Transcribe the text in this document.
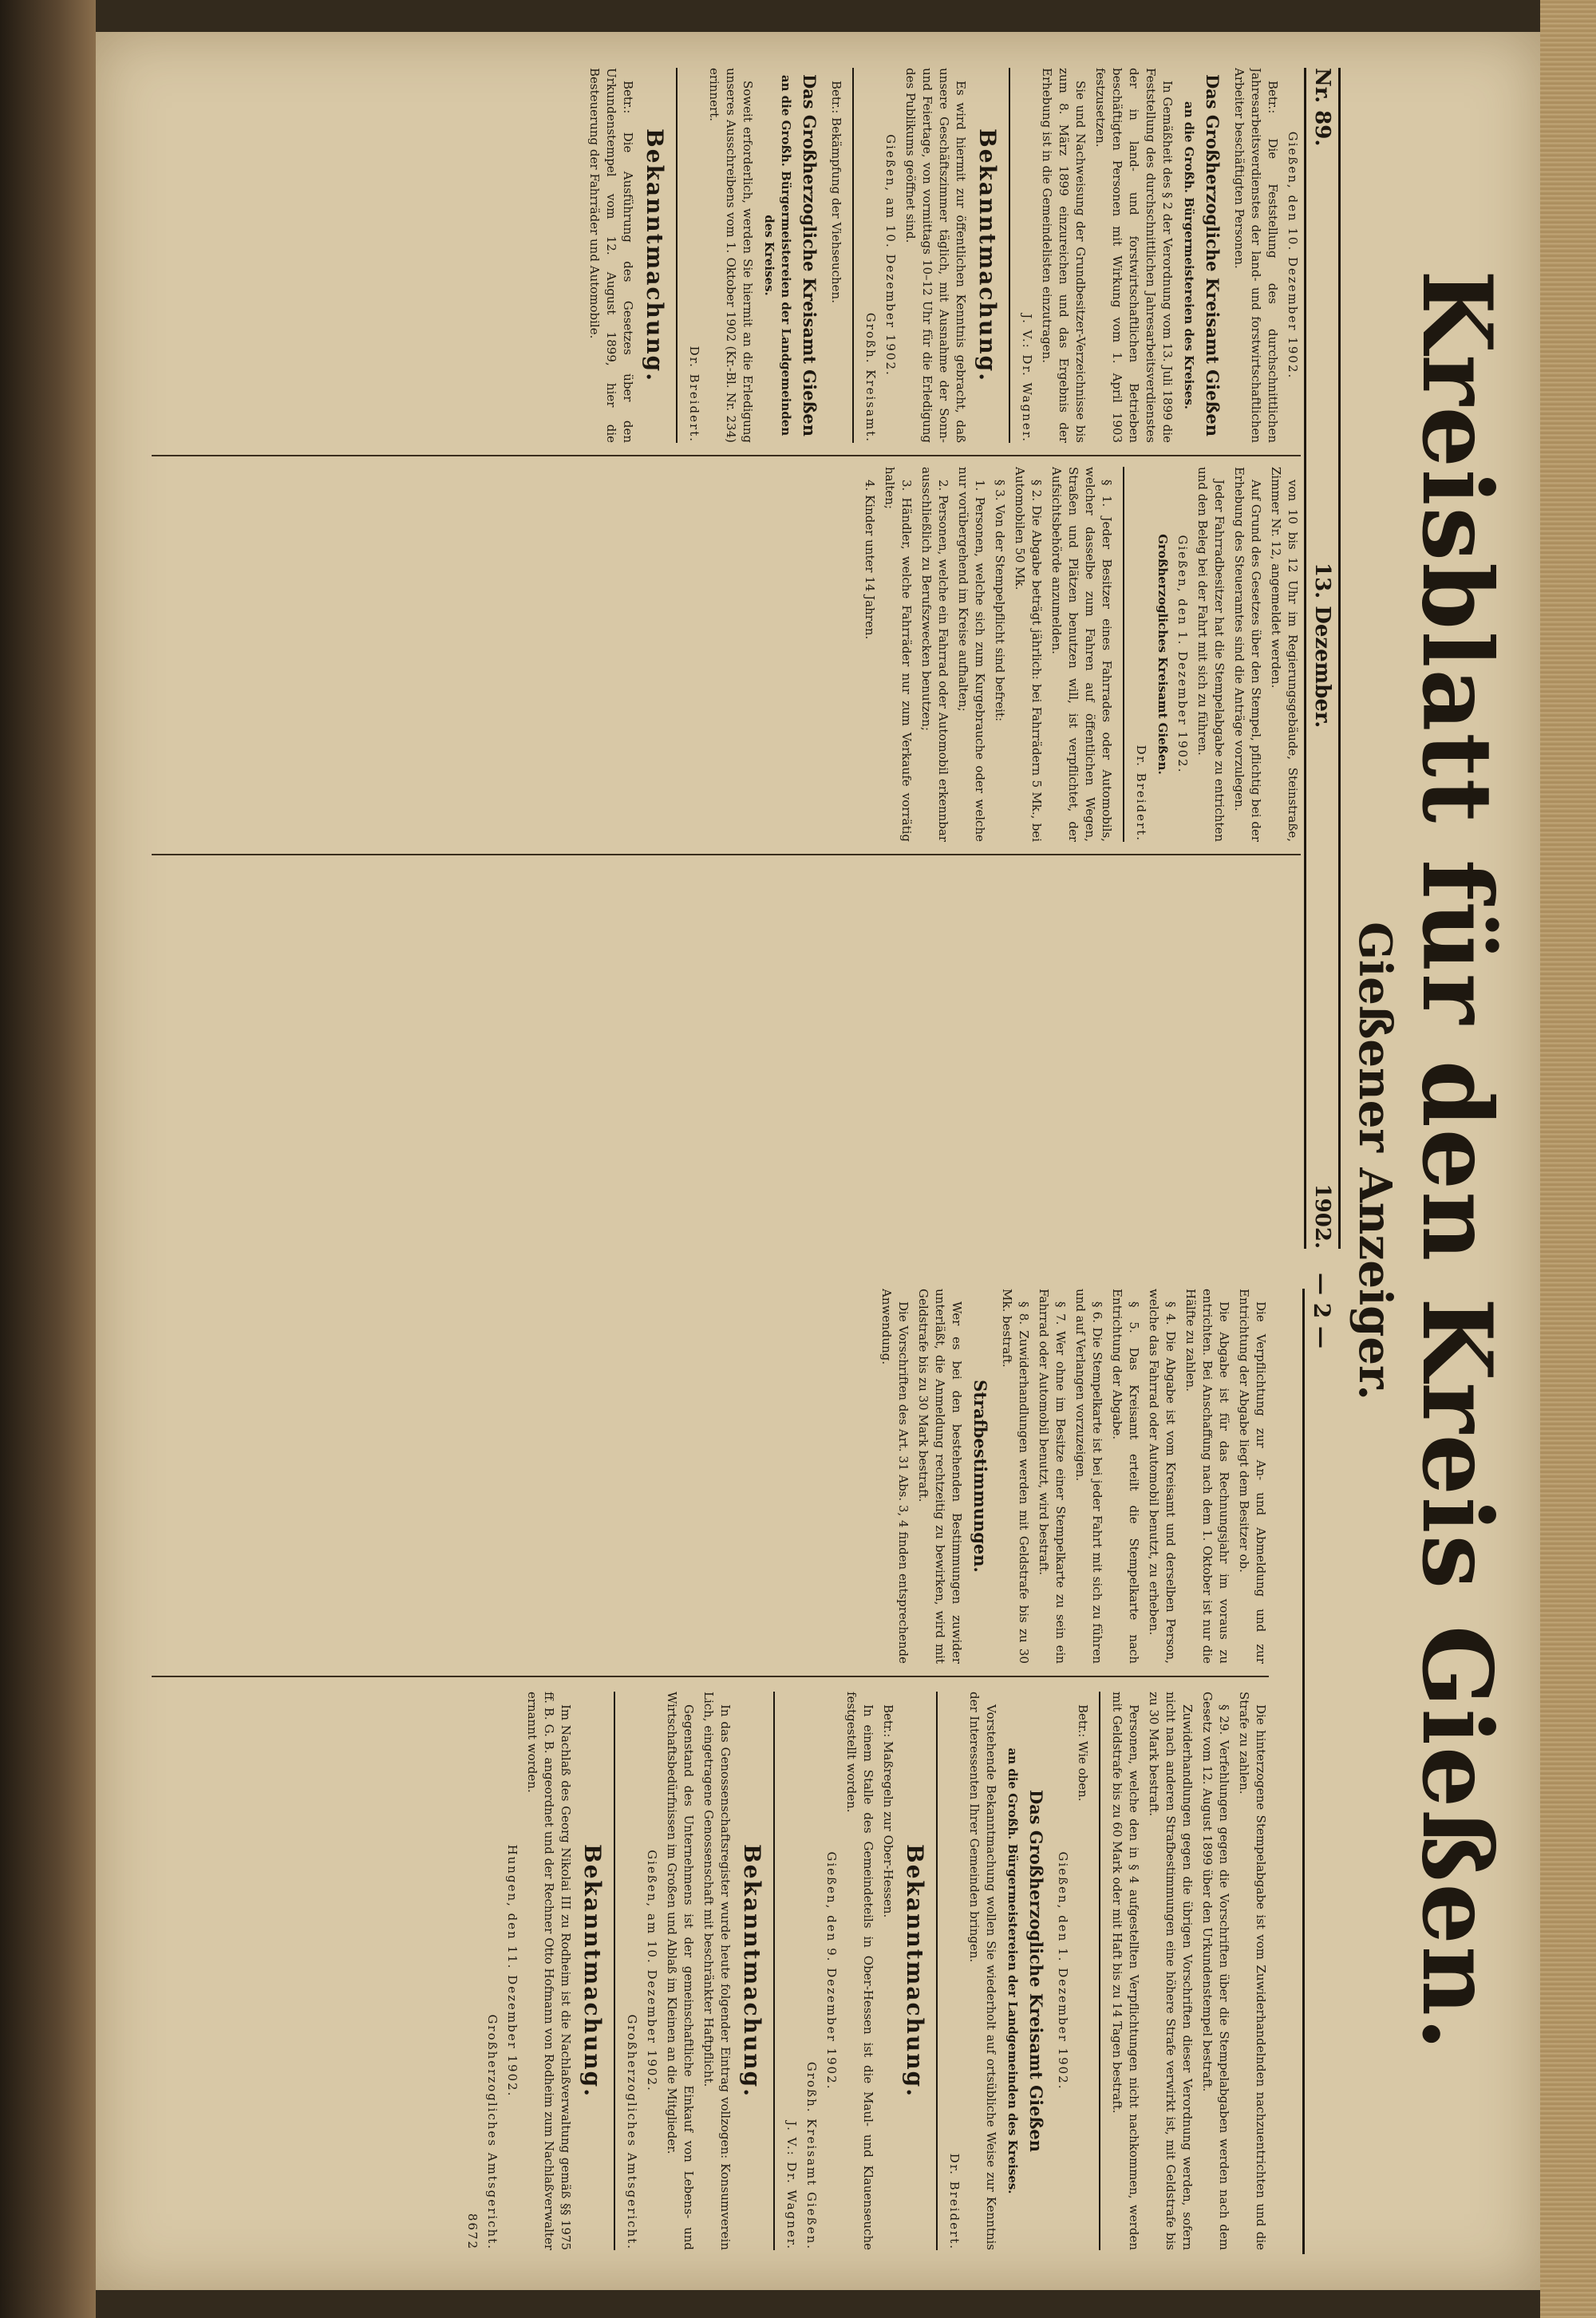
Kreisblatt für den Kreis Gießen.
Gießener Anzeiger.
Nr. 89.
13. Dezember.
1902.
— 2 —

Gießen, den 10. Dezember 1902.

Betr.: Die Feststellung des durchschnittlichen Jahresarbeitsverdienstes der land- und forstwirtschaftlichen Arbeiter beschäftigten Personen.

Das Großherzogliche Kreisamt Gießen

an die Großh. Bürgermeistereien des Kreises.

In Gemäßheit des § 2 der Verordnung vom 13. Juli 1899 die Feststellung des durchschnittlichen Jahresarbeitsverdienstes der in land- und forstwirtschaftlichen Betrieben beschäftigten Personen mit Wirkung vom 1. April 1903 festzusetzen.

Sie und Nachweisung der Grundbesitzer-Verzeichnisse bis zum 8. März 1899 einzureichen und das Ergebnis der Erhebung ist in die Gemeindelisten einzutragen.

J. V.: Dr. Wagner.

Bekanntmachung.

Es wird hiermit zur öffentlichen Kenntnis gebracht, daß unsere Geschäftszimmer täglich, mit Ausnahme der Sonn- und Feiertage, von vormittags 10–12 Uhr für die Erledigung des Publikums geöffnet sind.

Gießen, am 10. Dezember 1902.

Großh. Kreisamt.

Betr.: Bekämpfung der Viehseuchen.

Das Großherzogliche Kreisamt Gießen

an die Großh. Bürgermeistereien der Landgemeinden des Kreises.

Soweit erforderlich, werden Sie hiermit an die Erledigung unseres Ausschreibens vom 1. Oktober 1902 (Kr.-Bl. Nr. 234) erinnert.

Dr. Breidert.

Bekanntmachung.

Betr.: Die Ausführung des Gesetzes über den Urkundenstempel vom 12. August 1899, hier die Besteuerung der Fahrräder und Automobile.

von 10 bis 12 Uhr im Regierungsgebäude, Steinstraße, Zimmer Nr. 12, angemeldet werden.

Auf Grund des Gesetzes über den Stempel, pflichtig bei der Erhebung des Steueramtes sind die Anträge vorzulegen.

Jeder Fahrradbesitzer hat die Stempelabgabe zu entrichten und den Beleg bei der Fahrt mit sich zu führen.

Gießen, den 1. Dezember 1902.

Großherzogliches Kreisamt Gießen.

Dr. Breidert.

§ 1. Jeder Besitzer eines Fahrrades oder Automobils, welcher dasselbe zum Fahren auf öffentlichen Wegen, Straßen und Plätzen benutzen will, ist verpflichtet, der Aufsichtsbehörde anzumelden.

§ 2. Die Abgabe beträgt jährlich: bei Fahrrädern 5 Mk., bei Automobilen 50 Mk.

§ 3. Von der Stempelpflicht sind befreit:

1. Personen, welche sich zum Kurgebrauche oder welche nur vorübergehend im Kreise aufhalten;

2. Personen, welche ein Fahrrad oder Automobil erkennbar ausschließlich zu Berufszwecken benutzen;

3. Händler, welche Fahrräder nur zum Verkaufe vorrätig halten;

4. Kinder unter 14 Jahren.

Die Verpflichtung zur An- und Abmeldung und zur Entrichtung der Abgabe liegt dem Besitzer ob.

Die Abgabe ist für das Rechnungsjahr im voraus zu entrichten. Bei Anschaffung nach dem 1. Oktober ist nur die Hälfte zu zahlen.

§ 4. Die Abgabe ist vom Kreisamt und derselben Person, welche das Fahrrad oder Automobil benutzt, zu erheben.

§ 5. Das Kreisamt erteilt die Stempelkarte nach Entrichtung der Abgabe.

§ 6. Die Stempelkarte ist bei jeder Fahrt mit sich zu führen und auf Verlangen vorzuzeigen.

§ 7. Wer ohne im Besitze einer Stempelkarte zu sein ein Fahrrad oder Automobil benutzt, wird bestraft.

§ 8. Zuwiderhandlungen werden mit Geldstrafe bis zu 30 Mk. bestraft.

Strafbestimmungen.

Wer es bei den bestehenden Bestimmungen zuwider unterläßt, die Anmeldung rechtzeitig zu bewirken, wird mit Geldstrafe bis zu 30 Mark bestraft.

Die Vorschriften des Art. 31 Abs. 3, 4 finden entsprechende Anwendung.

Die hinterzogene Stempelabgabe ist vom Zuwiderhandelnden nachzuentrichten und die Strafe zu zahlen.

§ 29. Verfehlungen gegen die Vorschriften über die Stempelabgaben werden nach dem Gesetz vom 12. August 1899 über den Urkundenstempel bestraft.

Zuwiderhandlungen gegen die übrigen Vorschriften dieser Verordnung werden, sofern nicht nach anderen Strafbestimmungen eine höhere Strafe verwirkt ist, mit Geldstrafe bis zu 30 Mark bestraft.

Personen, welche den in § 4 aufgestellten Verpflichtungen nicht nachkommen, werden mit Geldstrafe bis zu 60 Mark oder mit Haft bis zu 14 Tagen bestraft.

Betr.: Wie oben.

Gießen, den 1. Dezember 1902.

Das Großherzogliche Kreisamt Gießen

an die Großh. Bürgermeistereien der Landgemeinden des Kreises.

Vorstehende Bekanntmachung wollen Sie wiederholt auf ortsübliche Weise zur Kenntnis der Interessenten Ihrer Gemeinden bringen.

Dr. Breidert.

Bekanntmachung.

Betr.: Maßregeln zur Ober-Hessen.

In einem Stalle des Gemeindeteils in Ober-Hessen ist die Maul- und Klauenseuche festgestellt worden.

Gießen, den 9. Dezember 1902.

Großh. Kreisamt Gießen.

J. V.: Dr. Wagner.

Bekanntmachung.

In das Genossenschaftsregister wurde heute folgender Eintrag vollzogen: Konsumverein Lich, eingetragene Genossenschaft mit beschränkter Haftpflicht.

Gegenstand des Unternehmens ist der gemeinschaftliche Einkauf von Lebens- und Wirtschaftsbedürfnissen im Großen und Ablaß im Kleinen an die Mitglieder.

Gießen, am 10. Dezember 1902.

Großherzogliches Amtsgericht.

Bekanntmachung.

Im Nachlaß des Georg Nikolai III zu Rodheim ist die Nachlaßverwaltung gemäß §§ 1975 ff. B. G. B. angeordnet und der Rechner Otto Hofmann von Rodheim zum Nachlaßverwalter ernannt worden.

Hungen, den 11. Dezember 1902.

Großherzogliches Amtsgericht.

8672
